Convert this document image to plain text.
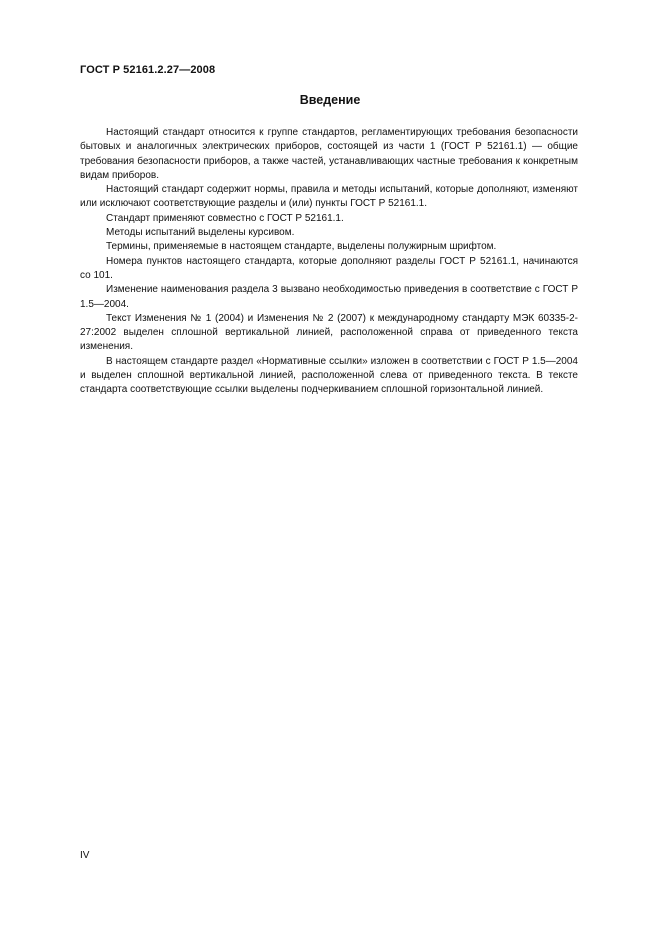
ГОСТ Р 52161.2.27—2008
Введение

Настоящий стандарт относится к группе стандартов, регламентирующих требования безопасности бытовых и аналогичных электрических приборов, состоящей из части 1 (ГОСТ Р 52161.1) — общие требования безопасности приборов, а также частей, устанавливающих частные требования к конкретным видам приборов.

Настоящий стандарт содержит нормы, правила и методы испытаний, которые дополняют, изменяют или исключают соответствующие разделы и (или) пункты ГОСТ Р 52161.1.

Стандарт применяют совместно с ГОСТ Р 52161.1.

Методы испытаний выделены курсивом.

Термины, применяемые в настоящем стандарте, выделены полужирным шрифтом.

Номера пунктов настоящего стандарта, которые дополняют разделы ГОСТ Р 52161.1, начинаются со 101.

Изменение наименования раздела 3 вызвано необходимостью приведения в соответствие с ГОСТ Р 1.5—2004.

Текст Изменения № 1 (2004) и Изменения № 2 (2007) к международному стандарту МЭК 60335-2-27:2002 выделен сплошной вертикальной линией, расположенной справа от приведенного текста изменения.

В настоящем стандарте раздел «Нормативные ссылки» изложен в соответствии с ГОСТ Р 1.5—2004 и выделен сплошной вертикальной линией, расположенной слева от приведенного текста. В тексте стандарта соответствующие ссылки выделены подчеркиванием сплошной горизонтальной линией.

IV
